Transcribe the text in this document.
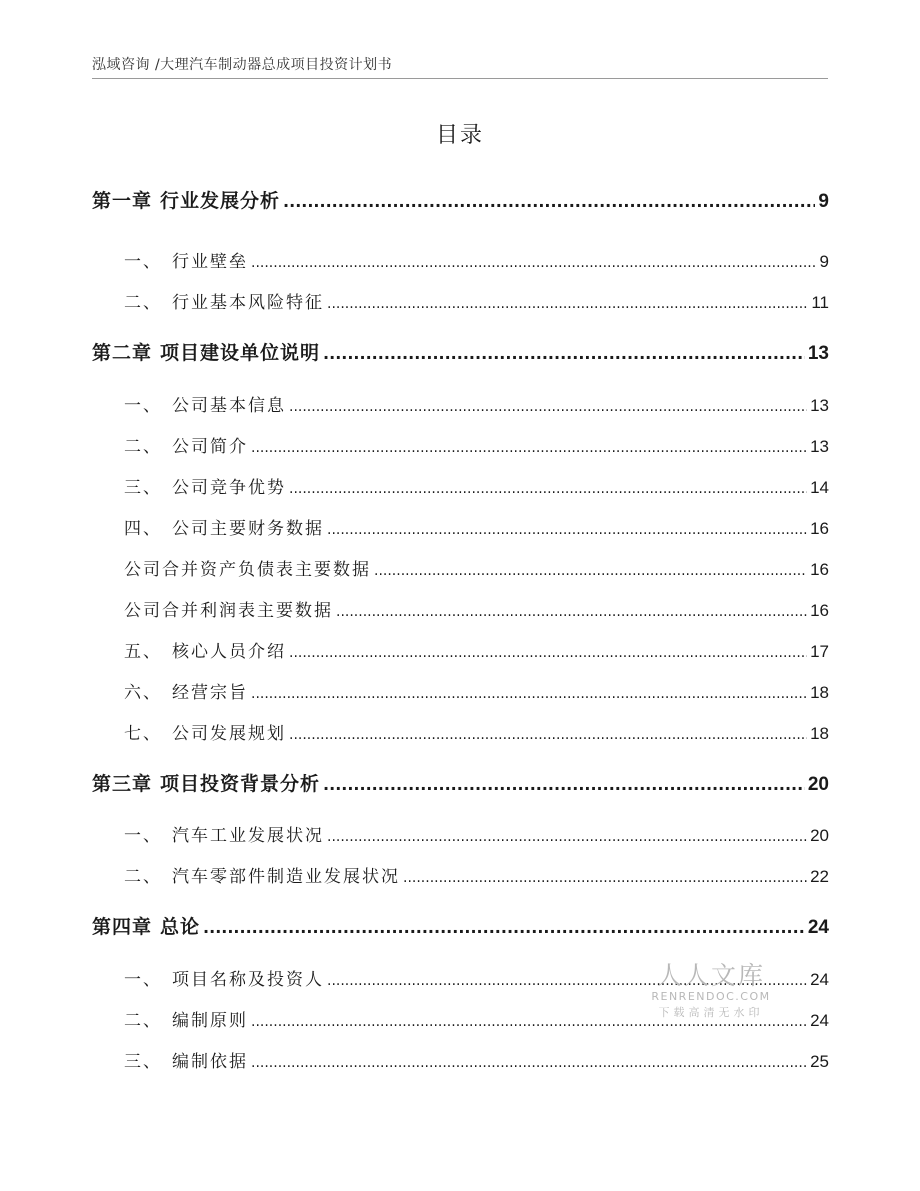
泓域咨询 /大理汽车制动器总成项目投资计划书
目录
第一章 行业发展分析 .....	9
一、 行业壁垒 .....	9
二、 行业基本风险特征 .....	11
第二章 项目建设单位说明 .....	13
一、 公司基本信息 .....	13
二、 公司简介 .....	13
三、 公司竞争优势 .....	14
四、 公司主要财务数据 .....	16
公司合并资产负债表主要数据 .....	16
公司合并利润表主要数据 .....	16
五、 核心人员介绍 .....	17
六、 经营宗旨 .....	18
七、 公司发展规划 .....	18
第三章 项目投资背景分析 .....	20
一、 汽车工业发展状况 .....	20
二、 汽车零部件制造业发展状况 .....	22
第四章 总论 .....	24
一、 项目名称及投资人 .....	24
二、 编制原则 .....	24
三、 编制依据 .....	25
人人文库
RENRENDOC.COM
下载高清无水印
